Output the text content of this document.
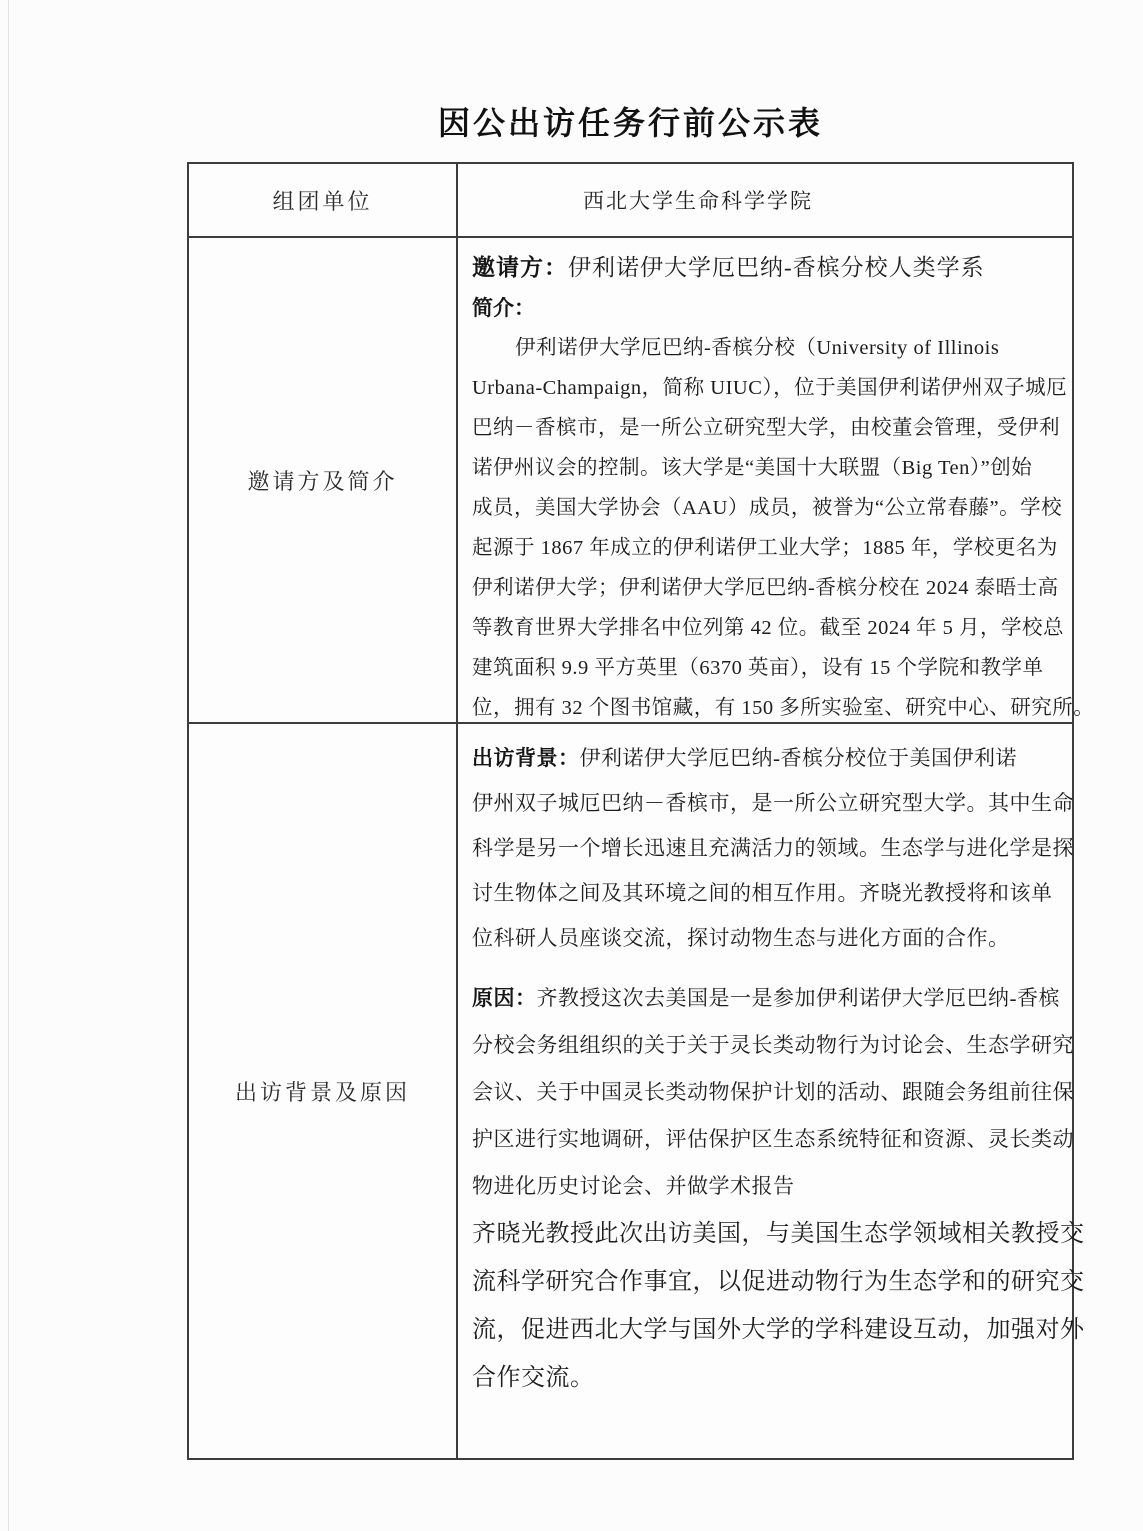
因公出访任务行前公示表
组团单位	西北大学生命科学学院
邀请方及简介
邀请方：伊利诺伊大学厄巴纳-香槟分校人类学系
简介：
伊利诺伊大学厄巴纳-香槟分校（University of Illinois
Urbana-Champaign，简称 UIUC），位于美国伊利诺伊州双子城厄
巴纳－香槟市，是一所公立研究型大学，由校董会管理，受伊利
诺伊州议会的控制。该大学是“美国十大联盟（Big Ten）”创始
成员，美国大学协会（AAU）成员，被誉为“公立常春藤”。学校
起源于 1867 年成立的伊利诺伊工业大学；1885 年，学校更名为
伊利诺伊大学；伊利诺伊大学厄巴纳-香槟分校在 2024 泰晤士高
等教育世界大学排名中位列第 42 位。截至 2024 年 5 月，学校总
建筑面积 9.9 平方英里（6370 英亩），设有 15 个学院和教学单
位，拥有 32 个图书馆藏，有 150 多所实验室、研究中心、研究所。
出访背景及原因
出访背景：伊利诺伊大学厄巴纳-香槟分校位于美国伊利诺
伊州双子城厄巴纳－香槟市，是一所公立研究型大学。其中生命
科学是另一个增长迅速且充满活力的领域。生态学与进化学是探
讨生物体之间及其环境之间的相互作用。齐晓光教授将和该单
位科研人员座谈交流，探讨动物生态与进化方面的合作。
原因：齐教授这次去美国是一是参加伊利诺伊大学厄巴纳-香槟
分校会务组组织的关于关于灵长类动物行为讨论会、生态学研究
会议、关于中国灵长类动物保护计划的活动、跟随会务组前往保
护区进行实地调研，评估保护区生态系统特征和资源、灵长类动
物进化历史讨论会、并做学术报告
齐晓光教授此次出访美国，与美国生态学领域相关教授交
流科学研究合作事宜，以促进动物行为生态学和的研究交
流，促进西北大学与国外大学的学科建设互动，加强对外
合作交流。
